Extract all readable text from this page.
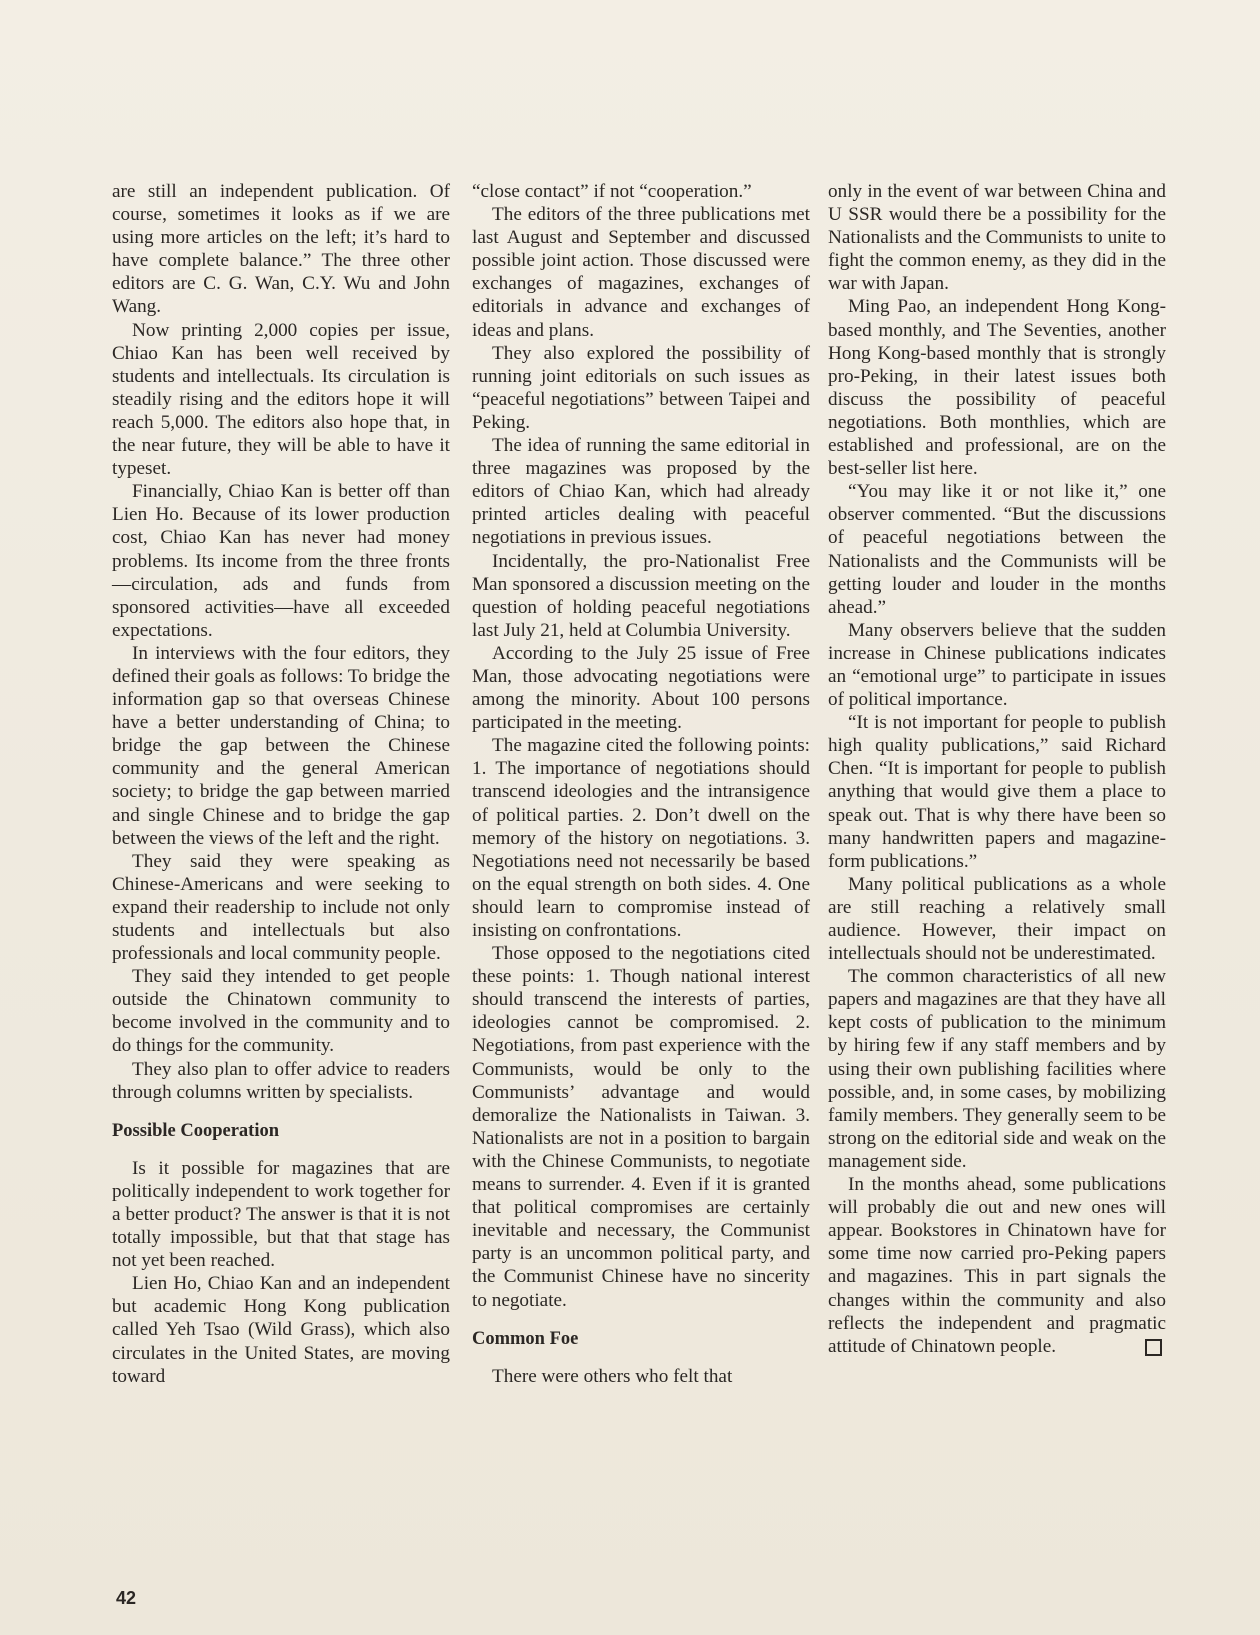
are still an independent publication. Of course, sometimes it looks as if we are using more articles on the left; it’s hard to have complete balance.” The three other editors are C. G. Wan, C.Y. Wu and John Wang.

Now printing 2,000 copies per issue, Chiao Kan has been well received by students and intellectuals. Its circulation is steadily rising and the editors hope it will reach 5,000. The editors also hope that, in the near future, they will be able to have it typeset.

Financially, Chiao Kan is better off than Lien Ho. Because of its lower production cost, Chiao Kan has never had money problems. Its income from the three fronts—circulation, ads and funds from sponsored activities—have all exceeded expectations.

In interviews with the four editors, they defined their goals as follows: To bridge the information gap so that overseas Chinese have a better understanding of China; to bridge the gap between the Chinese community and the general American society; to bridge the gap between married and single Chinese and to bridge the gap between the views of the left and the right.

They said they were speaking as Chinese-Americans and were seeking to expand their readership to include not only students and intellectuals but also professionals and local community people.

They said they intended to get people outside the Chinatown community to become involved in the community and to do things for the community.

They also plan to offer advice to readers through columns written by specialists.

Possible Cooperation

Is it possible for magazines that are politically independent to work together for a better product? The answer is that it is not totally impossible, but that that stage has not yet been reached.

Lien Ho, Chiao Kan and an independent but academic Hong Kong publication called Yeh Tsao (Wild Grass), which also circulates in the United States, are moving toward

“close contact” if not “cooperation.”

The editors of the three publications met last August and September and discussed possible joint action. Those discussed were exchanges of magazines, exchanges of editorials in advance and exchanges of ideas and plans.

They also explored the possibility of running joint editorials on such issues as “peaceful negotiations” between Taipei and Peking.

The idea of running the same editorial in three magazines was proposed by the editors of Chiao Kan, which had already printed articles dealing with peaceful negotiations in previous issues.

Incidentally, the pro-Nationalist Free Man sponsored a discussion meeting on the question of holding peaceful negotiations last July 21, held at Columbia University.

According to the July 25 issue of Free Man, those advocating negotiations were among the minority. About 100 persons participated in the meeting.

The magazine cited the following points: 1. The importance of negotiations should transcend ideologies and the intransigence of political parties. 2. Don’t dwell on the memory of the history on negotiations. 3. Negotiations need not necessarily be based on the equal strength on both sides. 4. One should learn to compromise instead of insisting on confrontations.

Those opposed to the negotiations cited these points: 1. Though national interest should transcend the interests of parties, ideologies cannot be compromised. 2. Negotiations, from past experience with the Communists, would be only to the Communists’ advantage and would demoralize the Nationalists in Taiwan. 3. Nationalists are not in a position to bargain with the Chinese Communists, to negotiate means to surrender. 4. Even if it is granted that political compromises are certainly inevitable and necessary, the Communist party is an uncommon political party, and the Communist Chinese have no sincerity to negotiate.

Common Foe

There were others who felt that

only in the event of war between China and U SSR would there be a possibility for the Nationalists and the Communists to unite to fight the common enemy, as they did in the war with Japan.

Ming Pao, an independent Hong Kong-based monthly, and The Seventies, another Hong Kong-based monthly that is strongly pro-Peking, in their latest issues both discuss the possibility of peaceful negotiations. Both monthlies, which are established and professional, are on the best-seller list here.

“You may like it or not like it,” one observer commented. “But the discussions of peaceful negotiations between the Nationalists and the Communists will be getting louder and louder in the months ahead.”

Many observers believe that the sudden increase in Chinese publications indicates an “emotional urge” to participate in issues of political importance.

“It is not important for people to publish high quality publications,” said Richard Chen. “It is important for people to publish anything that would give them a place to speak out. That is why there have been so many handwritten papers and magazine-form publications.”

Many political publications as a whole are still reaching a relatively small audience. However, their impact on intellectuals should not be underestimated.

The common characteristics of all new papers and magazines are that they have all kept costs of publication to the minimum by hiring few if any staff members and by using their own publishing facilities where possible, and, in some cases, by mobilizing family members. They generally seem to be strong on the editorial side and weak on the management side.

In the months ahead, some publications will probably die out and new ones will appear. Bookstores in Chinatown have for some time now carried pro-Peking papers and magazines. This in part signals the changes within the community and also reflects the independent and pragmatic attitude of Chinatown people.

42
